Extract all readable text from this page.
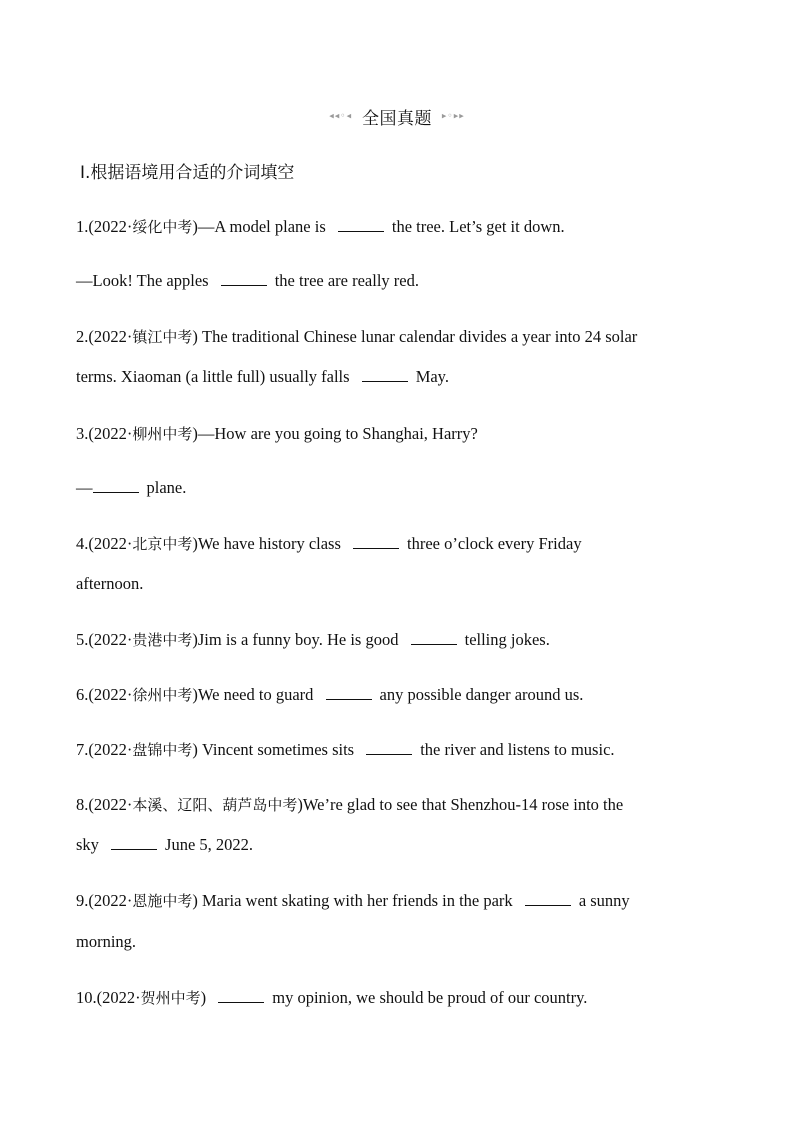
◂◂◦◂ 全国真题 ▸◦▸▸
Ⅰ.根据语境用合适的介词填空
1.(2022·绥化中考)—A model plane is	the tree. Let’s get it down.
—Look! The apples	the tree are really red.
2.(2022·镇江中考) The traditional Chinese lunar calendar divides a year into 24 solar
terms. Xiaoman (a little full) usually falls	May.
3.(2022·柳州中考)—How are you going to Shanghai, Harry?
—	plane.
4.(2022·北京中考)We have history class	three o’clock every Friday
afternoon.
5.(2022·贵港中考)Jim is a funny boy. He is good	telling jokes.
6.(2022·徐州中考)We need to guard	any possible danger around us.
7.(2022·盘锦中考) Vincent sometimes sits	the river and listens to music.
8.(2022·本溪、辽阳、葫芦岛中考)We’re glad to see that Shenzhou-14 rose into the
sky	June 5, 2022.
9.(2022·恩施中考) Maria went skating with her friends in the park	a sunny
morning.
10.(2022·贺州中考)	my opinion, we should be proud of our country.
